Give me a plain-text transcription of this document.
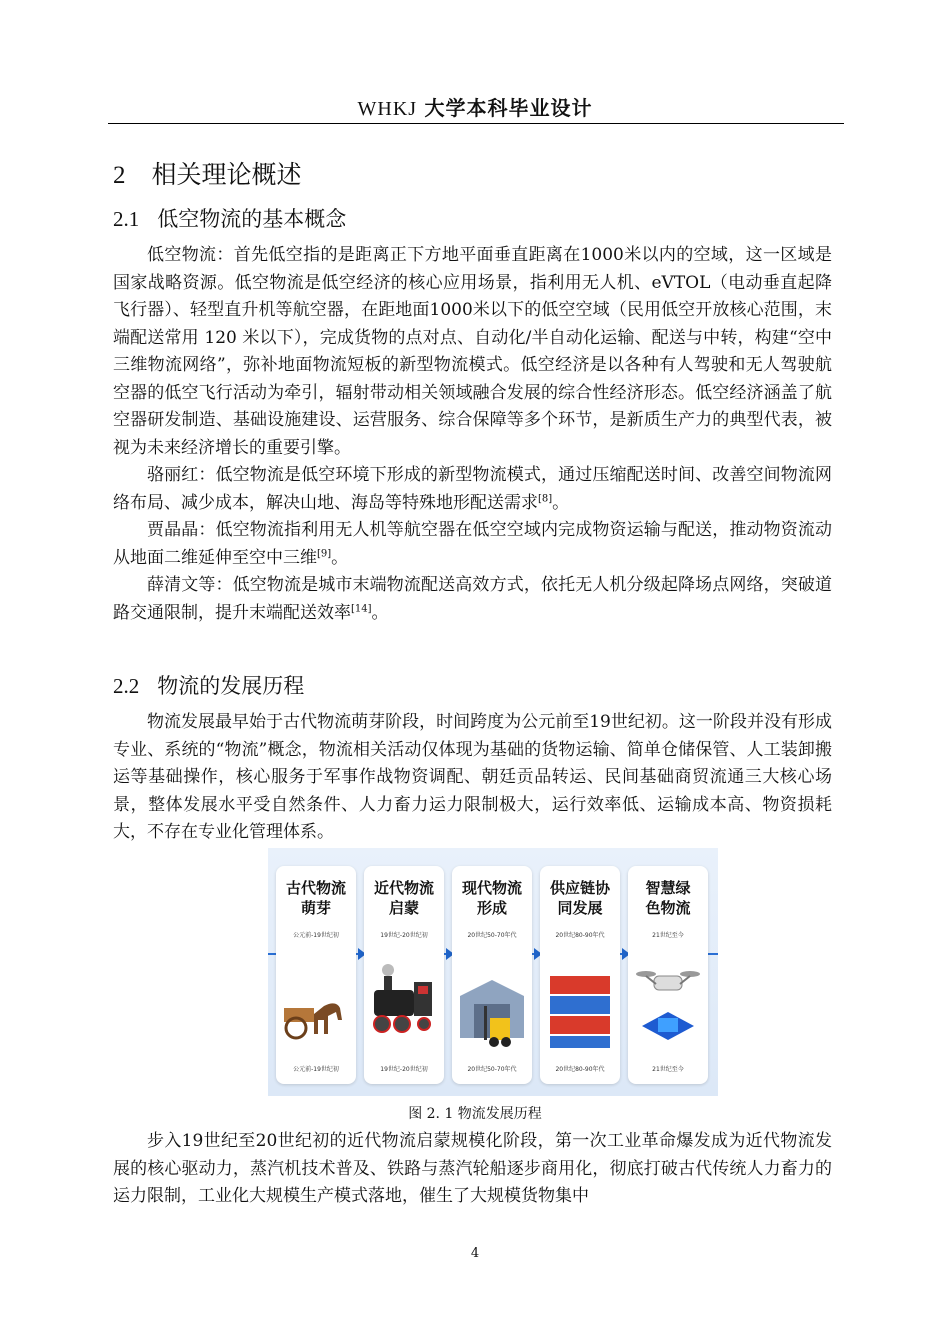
WHKJ 大学本科毕业设计
2 相关理论概述
2.1 低空物流的基本概念

低空物流：首先低空指的是距离正下方地平面垂直距离在1000米以内的空域，这一区域是国家战略资源。低空物流是低空经济的核心应用场景，指利用无人机、eVTOL（电动垂直起降飞行器）、轻型直升机等航空器，在距地面1000米以下的低空空域（民用低空开放核心范围，末端配送常用 120 米以下），完成货物的点对点、自动化/半自动化运输、配送与中转，构建“空中三维物流网络”，弥补地面物流短板的新型物流模式。低空经济是以各种有人驾驶和无人驾驶航空器的低空飞行活动为牵引，辐射带动相关领域融合发展的综合性经济形态。低空经济涵盖了航空器研发制造、基础设施建设、运营服务、综合保障等多个环节，是新质生产力的典型代表，被视为未来经济增长的重要引擎。

骆丽红：低空物流是低空环境下形成的新型物流模式，通过压缩配送时间、改善空间物流网络布局、减少成本，解决山地、海岛等特殊地形配送需求[8]。

贾晶晶：低空物流指利用无人机等航空器在低空空域内完成物资运输与配送，推动物资流动从地面二维延伸至空中三维[9]。

薛清文等：低空物流是城市末端物流配送高效方式，依托无人机分级起降场点网络，突破道路交通限制，提升末端配送效率[14]。

2.2 物流的发展历程

物流发展最早始于古代物流萌芽阶段，时间跨度为公元前至19世纪初。这一阶段并没有形成专业、系统的“物流”概念，物流相关活动仅体现为基础的货物运输、简单仓储保管、人工装卸搬运等基础操作，核心服务于军事作战物资调配、朝廷贡品转运、民间基础商贸流通三大核心场景，整体发展水平受自然条件、人力畜力运力限制极大，运行效率低、运输成本高、物资损耗大，不存在专业化管理体系。

古代物流
萌芽
公元前-19世纪初
公元前-19世纪初
近代物流
启蒙
19世纪-20世纪初
19世纪-20世纪初
现代物流
形成
20世纪50-70年代
20世纪50-70年代
供应链协
同发展
20世纪80-90年代
20世纪80-90年代
智慧绿
色物流
21世纪至今
21世纪至今
图 2. 1 物流发展历程

步入19世纪至20世纪初的近代物流启蒙规模化阶段，第一次工业革命爆发成为近代物流发展的核心驱动力，蒸汽机技术普及、铁路与蒸汽轮船逐步商用化，彻底打破古代传统人力畜力的运力限制，工业化大规模生产模式落地，催生了大规模货物集中

4
